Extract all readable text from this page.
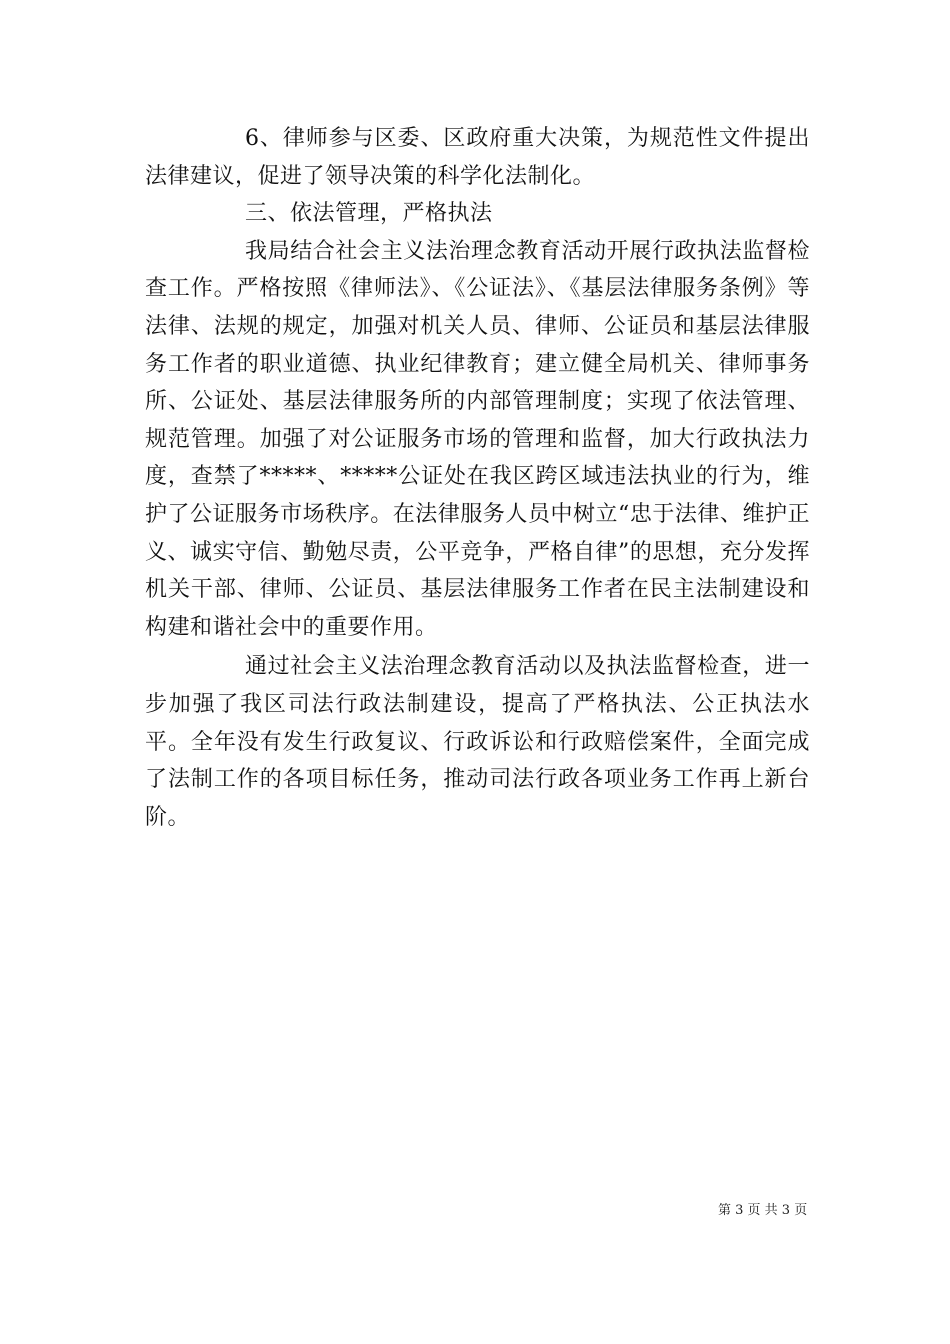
6、律师参与区委、区政府重大决策，为规范性文件提出法律建议，促进了领导决策的科学化法制化。

三、依法管理，严格执法

我局结合社会主义法治理念教育活动开展行政执法监督检查工作。严格按照《律师法》、《公证法》、《基层法律服务条例》等法律、法规的规定，加强对机关人员、律师、公证员和基层法律服务工作者的职业道德、执业纪律教育；建立健全局机关、律师事务所、公证处、基层法律服务所的内部管理制度；实现了依法管理、规范管理。加强了对公证服务市场的管理和监督，加大行政执法力度，查禁了*****、*****公证处在我区跨区域违法执业的行为，维护了公证服务市场秩序。在法律服务人员中树立“忠于法律、维护正义、诚实守信、勤勉尽责，公平竞争，严格自律”的思想，充分发挥机关干部、律师、公证员、基层法律服务工作者在民主法制建设和构建和谐社会中的重要作用。

通过社会主义法治理念教育活动以及执法监督检查，进一步加强了我区司法行政法制建设，提高了严格执法、公正执法水平。全年没有发生行政复议、行政诉讼和行政赔偿案件，全面完成了法制工作的各项目标任务，推动司法行政各项业务工作再上新台阶。

第 3 页 共 3 页
